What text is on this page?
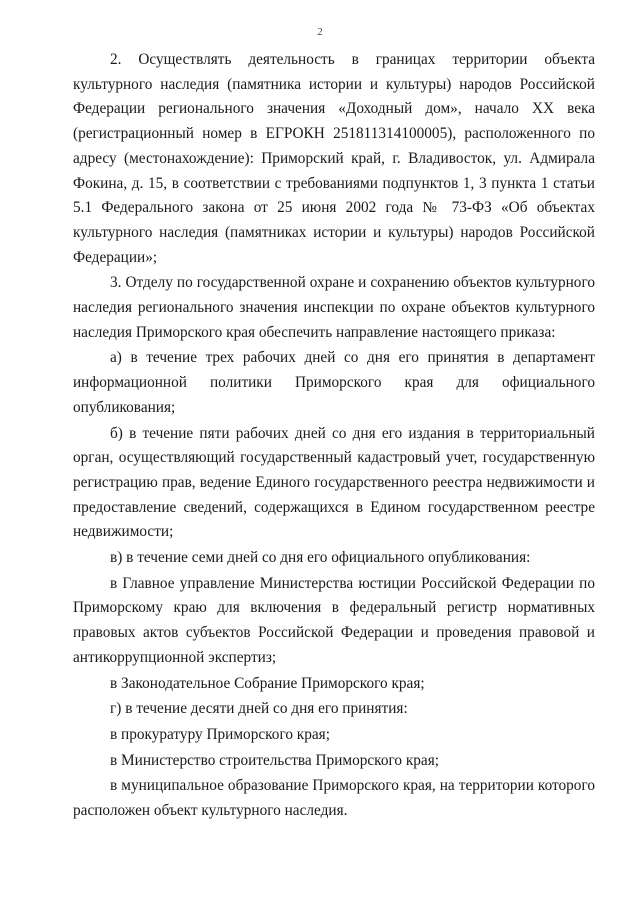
2

2. Осуществлять деятельность в границах территории объекта культурного наследия (памятника истории и культуры) народов Российской Федерации регионального значения «Доходный дом», начало XX века (регистрационный номер в ЕГРОКН 251811314100005), расположенного по адресу (местонахождение): Приморский край, г. Владивосток, ул. Адмирала Фокина, д. 15, в соответствии с требованиями подпунктов 1, 3 пункта 1 статьи 5.1 Федерального закона от 25 июня 2002 года № 73-ФЗ «Об объектах культурного наследия (памятниках истории и культуры) народов Российской Федерации»;

3. Отделу по государственной охране и сохранению объектов культурного наследия регионального значения инспекции по охране объектов культурного наследия Приморского края обеспечить направление настоящего приказа:

а) в течение трех рабочих дней со дня его принятия в департамент информационной политики Приморского края для официального опубликования;

б) в течение пяти рабочих дней со дня его издания в территориальный орган, осуществляющий государственный кадастровый учет, государственную регистрацию прав, ведение Единого государственного реестра недвижимости и предоставление сведений, содержащихся в Едином государственном реестре недвижимости;

в) в течение семи дней со дня его официального опубликования:

в Главное управление Министерства юстиции Российской Федерации по Приморскому краю для включения в федеральный регистр нормативных правовых актов субъектов Российской Федерации и проведения правовой и антикоррупционной экспертиз;

в Законодательное Собрание Приморского края;

г) в течение десяти дней со дня его принятия:

в прокуратуру Приморского края;

в Министерство строительства Приморского края;

в муниципальное образование Приморского края, на территории которого расположен объект культурного наследия.
